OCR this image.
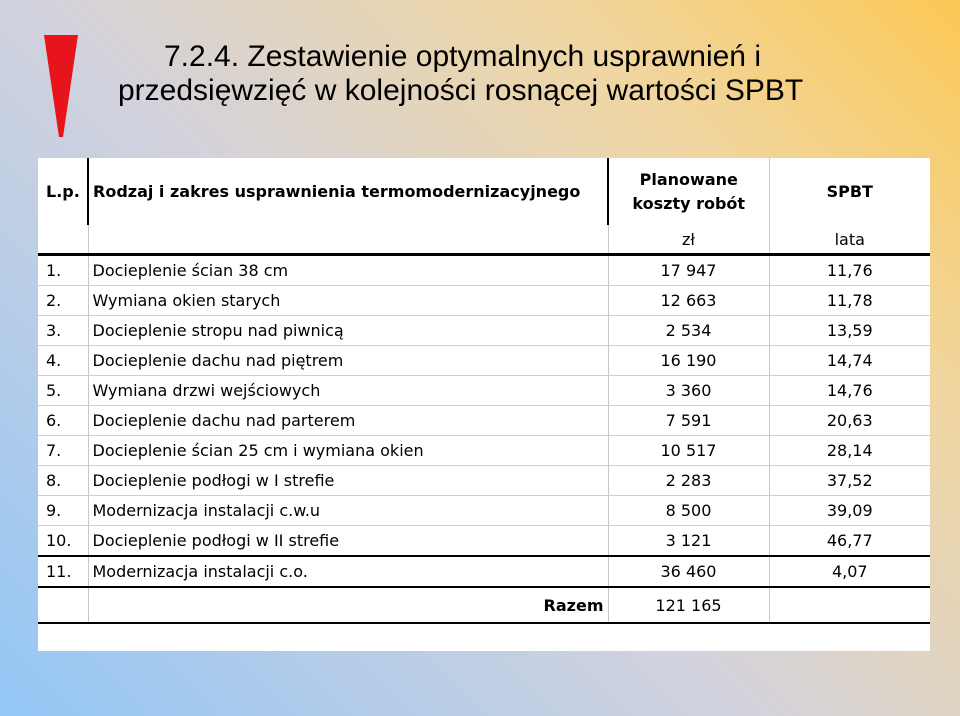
7.2.4. Zestawienie optymalnych usprawnień i
przedsięwzięć w kolejności rosnącej wartości SPBT
L.p.	Rodzaj i zakres usprawnienia termomodernizacyjnego	Planowane koszty robót	SPBT
		zł	lata
1.	Docieplenie ścian 38 cm	17 947	11,76
2.	Wymiana okien starych	12 663	11,78
3.	Docieplenie stropu nad piwnicą	2 534	13,59
4.	Docieplenie dachu nad piętrem	16 190	14,74
5.	Wymiana drzwi wejściowych	3 360	14,76
6.	Docieplenie dachu nad parterem	7 591	20,63
7.	Docieplenie ścian 25 cm i wymiana okien	10 517	28,14
8.	Docieplenie podłogi w I strefie	2 283	37,52
9.	Modernizacja instalacji c.w.u	8 500	39,09
10.	Docieplenie podłogi w II strefie	3 121	46,77
11.	Modernizacja instalacji c.o.	36 460	4,07
	Razem	121 165	
